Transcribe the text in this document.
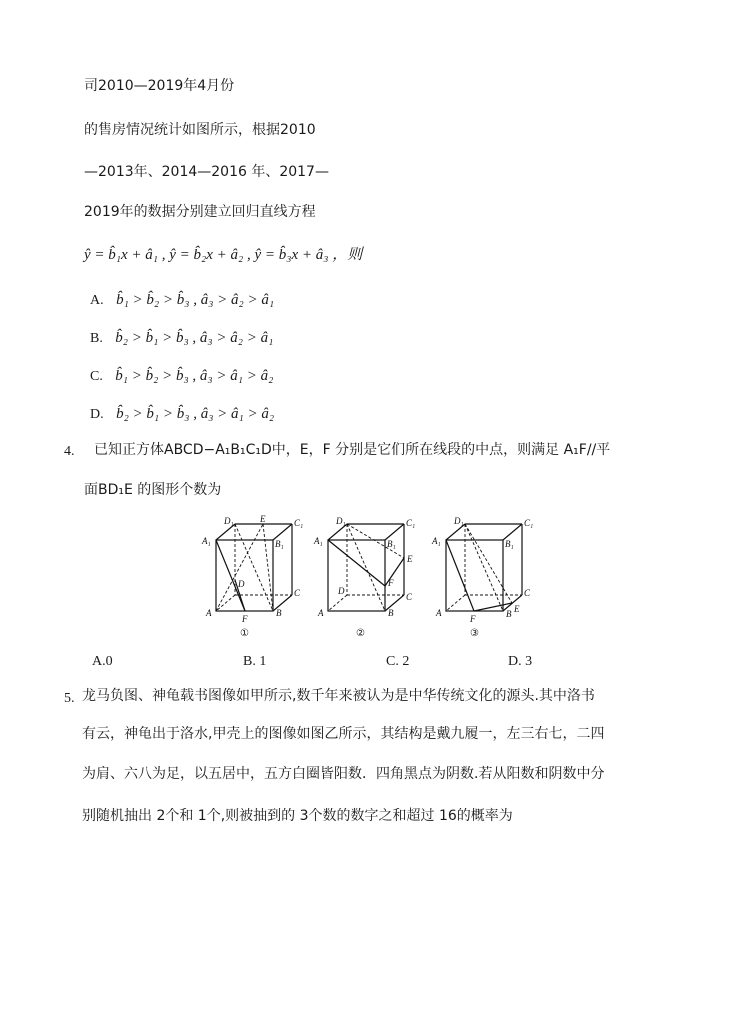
司2010—2019年4月份
的售房情况统计如图所示，根据2010
—2013年、2014—2016 年、2017—
2019年的数据分别建立回归直线方程
ŷ = b̂₁x + â₁ , ŷ = b̂₂x + â₂ , ŷ = b̂₃x + â₃ ，则
A. b̂₁ > b̂₂ > b̂₃ , â₃ > â₂ > â₁
B. b̂₂ > b̂₁ > b̂₃ , â₃ > â₂ > â₁
C. b̂₁ > b̂₂ > b̂₃ , â₃ > â₁ > â₂
D. b̂₂ > b̂₁ > b̂₃ , â₃ > â₁ > â₂
4. 已知正方体ABCD−A₁B₁C₁D中，E，F 分别是它们所在线段的中点，则满足 A₁F//平
面BD₁E 的图形个数为
D₁	E	C₁
A₁	B₁
D
C
A	B
F
①
D₁	C₁
A₁	B₁
E
F
D
C
A	B
②
D₁	C₁
A₁	B₁
C
E
A	B
F
③
A.0	B. 1	C. 2	D. 3
5. 龙马负图、神龟载书图像如甲所示,数千年来被认为是中华传统文化的源头.其中洛书
有云，神龟出于洛水,甲壳上的图像如图乙所示，其结构是戴九履一，左三右七，二四
为肩、六八为足，以五居中，五方白圈皆阳数．四角黑点为阴数.若从阳数和阴数中分
别随机抽出 2个和 1个,则被抽到的 3个数的数字之和超过 16的概率为
